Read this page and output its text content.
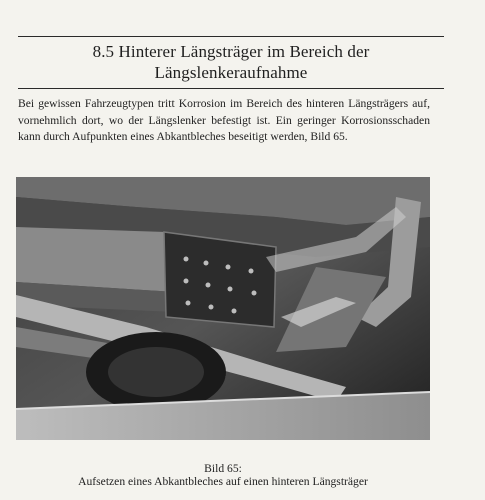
8.5 Hinterer Längsträger im Bereich der
Längslenkeraufnahme
Bei gewissen Fahrzeugtypen tritt Korrosion im Bereich des hinteren Längsträgers auf, vornehmlich dort, wo der Längslenker befestigt ist. Ein geringer Korrosionsschaden kann durch Aufpunkten eines Abkantbleches beseitigt werden, Bild 65.
Bild 65:
Aufsetzen eines Abkantbleches auf einen hinteren Längsträger
